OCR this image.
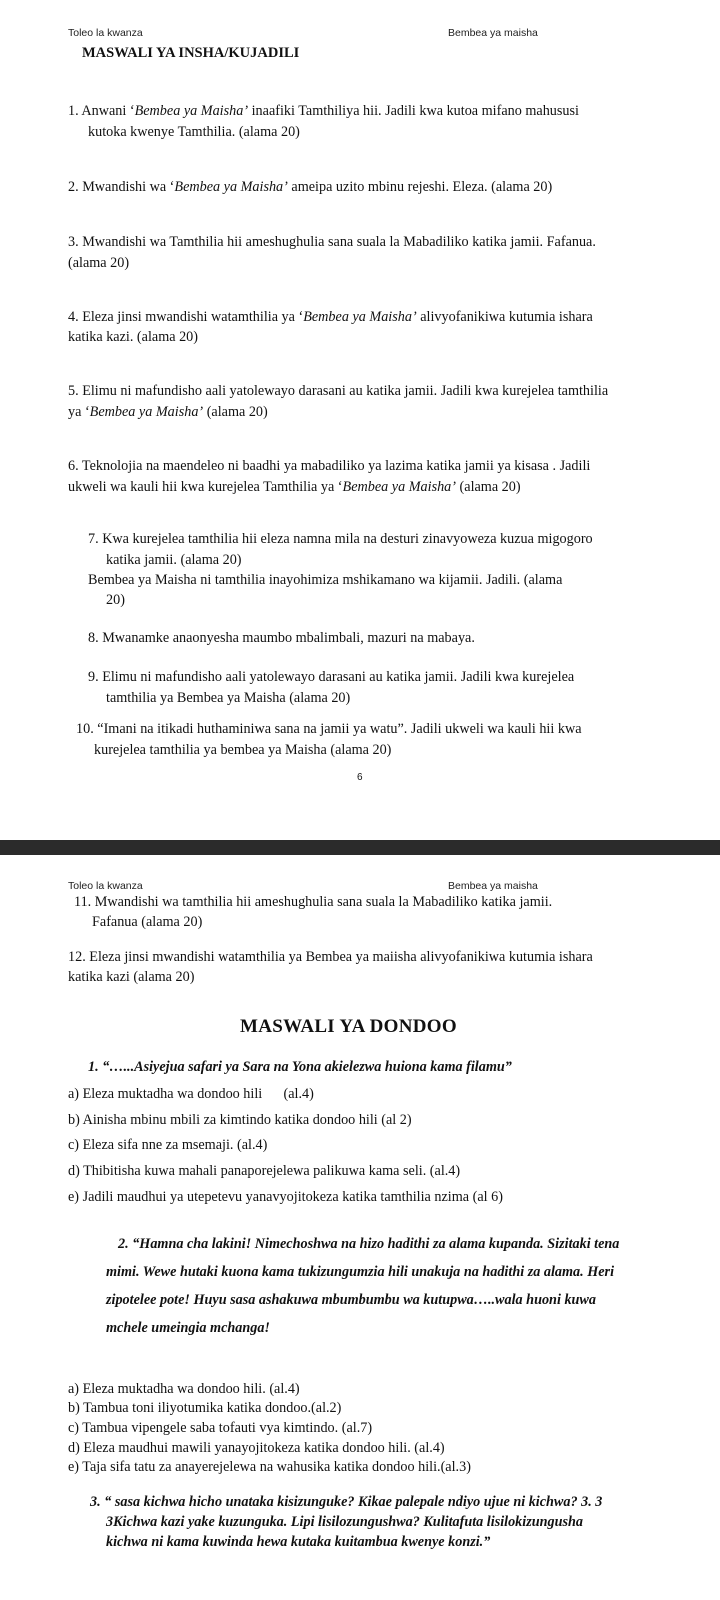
Toleo la kwanza	Bembea ya maisha
MASWALI YA INSHA/KUJADILI
1. Anwani ‘Bembea ya Maisha’ inaafiki Tamthiliya hii. Jadili kwa kutoa mifano mahususi
kutoka kwenye Tamthilia. (alama 20)
2. Mwandishi wa ‘Bembea ya Maisha’ ameipa uzito mbinu rejeshi. Eleza. (alama 20)
3. Mwandishi wa Tamthilia hii ameshughulia sana suala la Mabadiliko katika jamii. Fafanua.
(alama 20)
4. Eleza jinsi mwandishi watamthilia ya ‘Bembea ya Maisha’ alivyofanikiwa kutumia ishara
katika kazi. (alama 20)
5. Elimu ni mafundisho aali yatolewayo darasani au katika jamii. Jadili kwa kurejelea tamthilia
ya ‘Bembea ya Maisha’ (alama 20)
6. Teknolojia na maendeleo ni baadhi ya mabadiliko ya lazima katika jamii ya kisasa . Jadili
ukweli wa kauli hii kwa kurejelea Tamthilia ya ‘Bembea ya Maisha’ (alama 20)
7. Kwa kurejelea tamthilia hii eleza namna mila na desturi zinavyoweza kuzua migogoro
katika jamii. (alama 20)
Bembea ya Maisha ni tamthilia inayohimiza mshikamano wa kijamii. Jadili. (alama
20)
8. Mwanamke anaonyesha maumbo mbalimbali, mazuri na mabaya.
9. Elimu ni mafundisho aali yatolewayo darasani au katika jamii. Jadili kwa kurejelea
tamthilia ya Bembea ya Maisha (alama 20)
10. “Imani na itikadi huthaminiwa sana na jamii ya watu”. Jadili ukweli wa kauli hii kwa
kurejelea tamthilia ya bembea ya Maisha (alama 20)
6
Toleo la kwanza	Bembea ya maisha
11. Mwandishi wa tamthilia hii ameshughulia sana suala la Mabadiliko katika jamii.
Fafanua (alama 20)
12. Eleza jinsi mwandishi watamthilia ya Bembea ya maiisha alivyofanikiwa kutumia ishara
katika kazi (alama 20)
MASWALI YA DONDOO
1. “…...Asiyejua safari ya Sara na Yona akielezwa huiona kama filamu”
a) Eleza muktadha wa dondoo hili      (al.4)
b) Ainisha mbinu mbili za kimtindo katika dondoo hili (al 2)
c) Eleza sifa nne za msemaji. (al.4)
d) Thibitisha kuwa mahali panaporejelewa palikuwa kama seli. (al.4)
e) Jadili maudhui ya utepetevu yanavyojitokeza katika tamthilia nzima (al 6)
2. “Hamna cha lakini! Nimechoshwa na hizo hadithi za alama kupanda. Sizitaki tena
mimi. Wewe hutaki kuona kama tukizungumzia hili unakuja na hadithi za alama. Heri
zipotelee pote! Huyu sasa ashakuwa mbumbumbu wa kutupwa…..wala huoni kuwa
mchele umeingia mchanga!
a) Eleza muktadha wa dondoo hili. (al.4)
b) Tambua toni iliyotumika katika dondoo.(al.2)
c) Tambua vipengele saba tofauti vya kimtindo. (al.7)
d) Eleza maudhui mawili yanayojitokeza katika dondoo hili. (al.4)
e) Taja sifa tatu za anayerejelewa na wahusika katika dondoo hili.(al.3)
3. “ sasa kichwa hicho unataka kisizunguke? Kikae palepale ndiyo ujue ni kichwa? 3. 3
3Kichwa kazi yake kuzunguka. Lipi lisilozungushwa? Kulitafuta lisilokizungusha
kichwa ni kama kuwinda hewa kutaka kuitambua kwenye konzi.”
